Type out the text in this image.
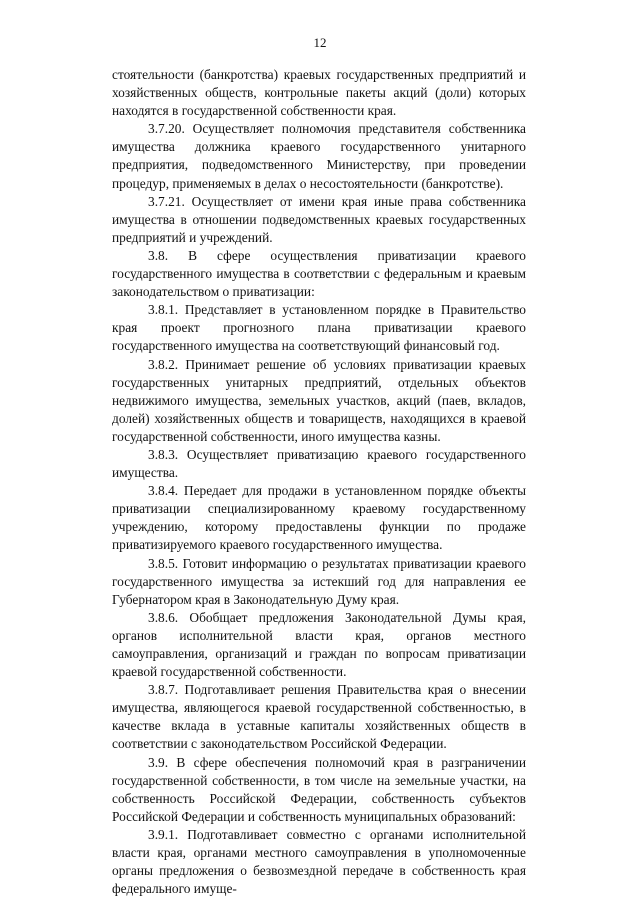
12

стоятельности (банкротства) краевых государственных предприятий и хозяйственных обществ, контрольные пакеты акций (доли) которых находятся в государственной собственности края.

3.7.20. Осуществляет полномочия представителя собственника имущества должника краевого государственного унитарного предприятия, подведомственного Министерству, при проведении процедур, применяемых в делах о несостоятельности (банкротстве).

3.7.21. Осуществляет от имени края иные права собственника имущества в отношении подведомственных краевых государственных предприятий и учреждений.

3.8. В сфере осуществления приватизации краевого государственного имущества в соответствии с федеральным и краевым законодательством о приватизации:

3.8.1. Представляет в установленном порядке в Правительство края проект прогнозного плана приватизации краевого государственного имущества на соответствующий финансовый год.

3.8.2. Принимает решение об условиях приватизации краевых государственных унитарных предприятий, отдельных объектов недвижимого имущества, земельных участков, акций (паев, вкладов, долей) хозяйственных обществ и товариществ, находящихся в краевой государственной собственности, иного имущества казны.

3.8.3. Осуществляет приватизацию краевого государственного имущества.

3.8.4. Передает для продажи в установленном порядке объекты приватизации специализированному краевому государственному учреждению, которому предоставлены функции по продаже приватизируемого краевого государственного имущества.

3.8.5. Готовит информацию о результатах приватизации краевого государственного имущества за истекший год для направления ее Губернатором края в Законодательную Думу края.

3.8.6. Обобщает предложения Законодательной Думы края, органов исполнительной власти края, органов местного самоуправления, организаций и граждан по вопросам приватизации краевой государственной собственности.

3.8.7. Подготавливает решения Правительства края о внесении имущества, являющегося краевой государственной собственностью, в качестве вклада в уставные капиталы хозяйственных обществ в соответствии с законодательством Российской Федерации.

3.9. В сфере обеспечения полномочий края в разграничении государственной собственности, в том числе на земельные участки, на собственность Российской Федерации, собственность субъектов Российской Федерации и собственность муниципальных образований:

3.9.1. Подготавливает совместно с органами исполнительной власти края, органами местного самоуправления в уполномоченные органы предложения о безвозмездной передаче в собственность края федерального имуще-
